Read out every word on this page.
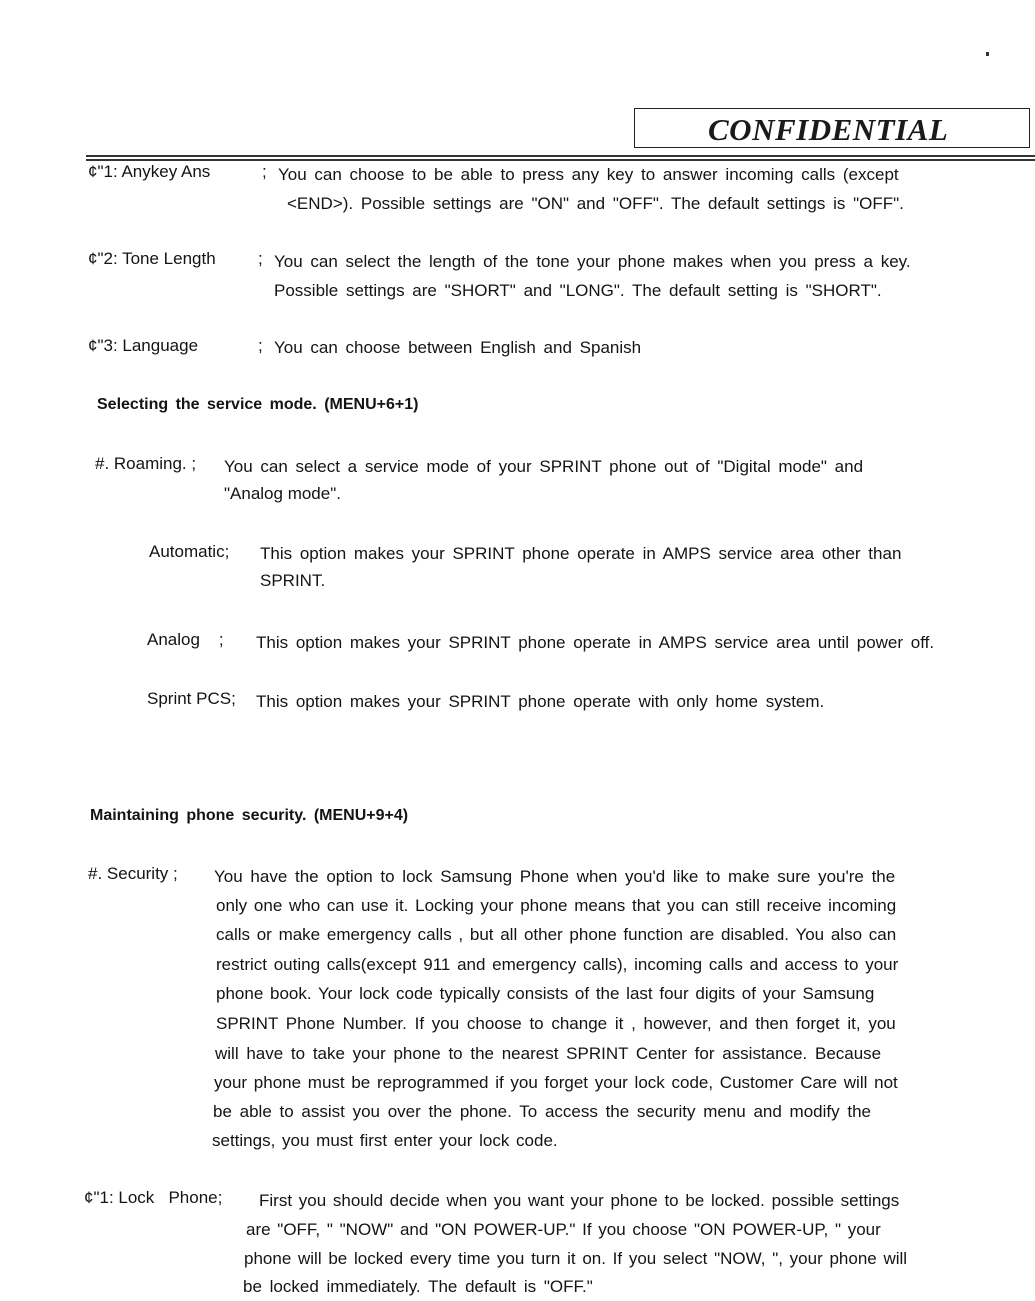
CONFIDENTIAL
¢"1: Anykey Ans	; You can choose to be able to press any key to answer incoming calls (except
<END>). Possible settings are "ON" and "OFF". The default settings is "OFF".
¢"2: Tone Length ; You can select the length of the tone your phone makes when you press a key.
Possible settings are "SHORT" and "LONG". The default setting is "SHORT".
¢"3: Language	; You can choose between English and Spanish
Selecting the service mode. (MENU+6+1)
#. Roaming. ; You can select a service mode of your SPRINT phone out of "Digital mode" and
"Analog mode".
Automatic; This option makes your SPRINT phone operate in AMPS service area other than
SPRINT.
Analog    ; This option makes your SPRINT phone operate in AMPS service area until power off.
Sprint PCS; This option makes your SPRINT phone operate with only home system.
Maintaining phone security. (MENU+9+4)
#. Security ; You have the option to lock Samsung Phone when you'd like to make sure you're the
only one who can use it. Locking your phone means that you can still receive incoming
calls or make emergency calls , but all other phone function are disabled. You also can
restrict outing calls(except 911 and emergency calls), incoming calls and access to your
phone book. Your lock code typically consists of the last four digits of your Samsung
SPRINT Phone Number. If you choose to change it , however, and then forget it, you
will have to take your phone to the nearest SPRINT Center for assistance. Because
your phone must be reprogrammed if you forget your lock code, Customer Care will not
be able to assist you over the phone. To access the security menu and modify the
settings, you must first enter your lock code.
¢"1: Lock   Phone; First you should decide when you want your phone to be locked. possible settings
are "OFF, " "NOW" and "ON POWER-UP." If you choose "ON POWER-UP, " your
phone will be locked every time you turn it on. If you select "NOW, ", your phone will
be locked immediately. The default is "OFF."
